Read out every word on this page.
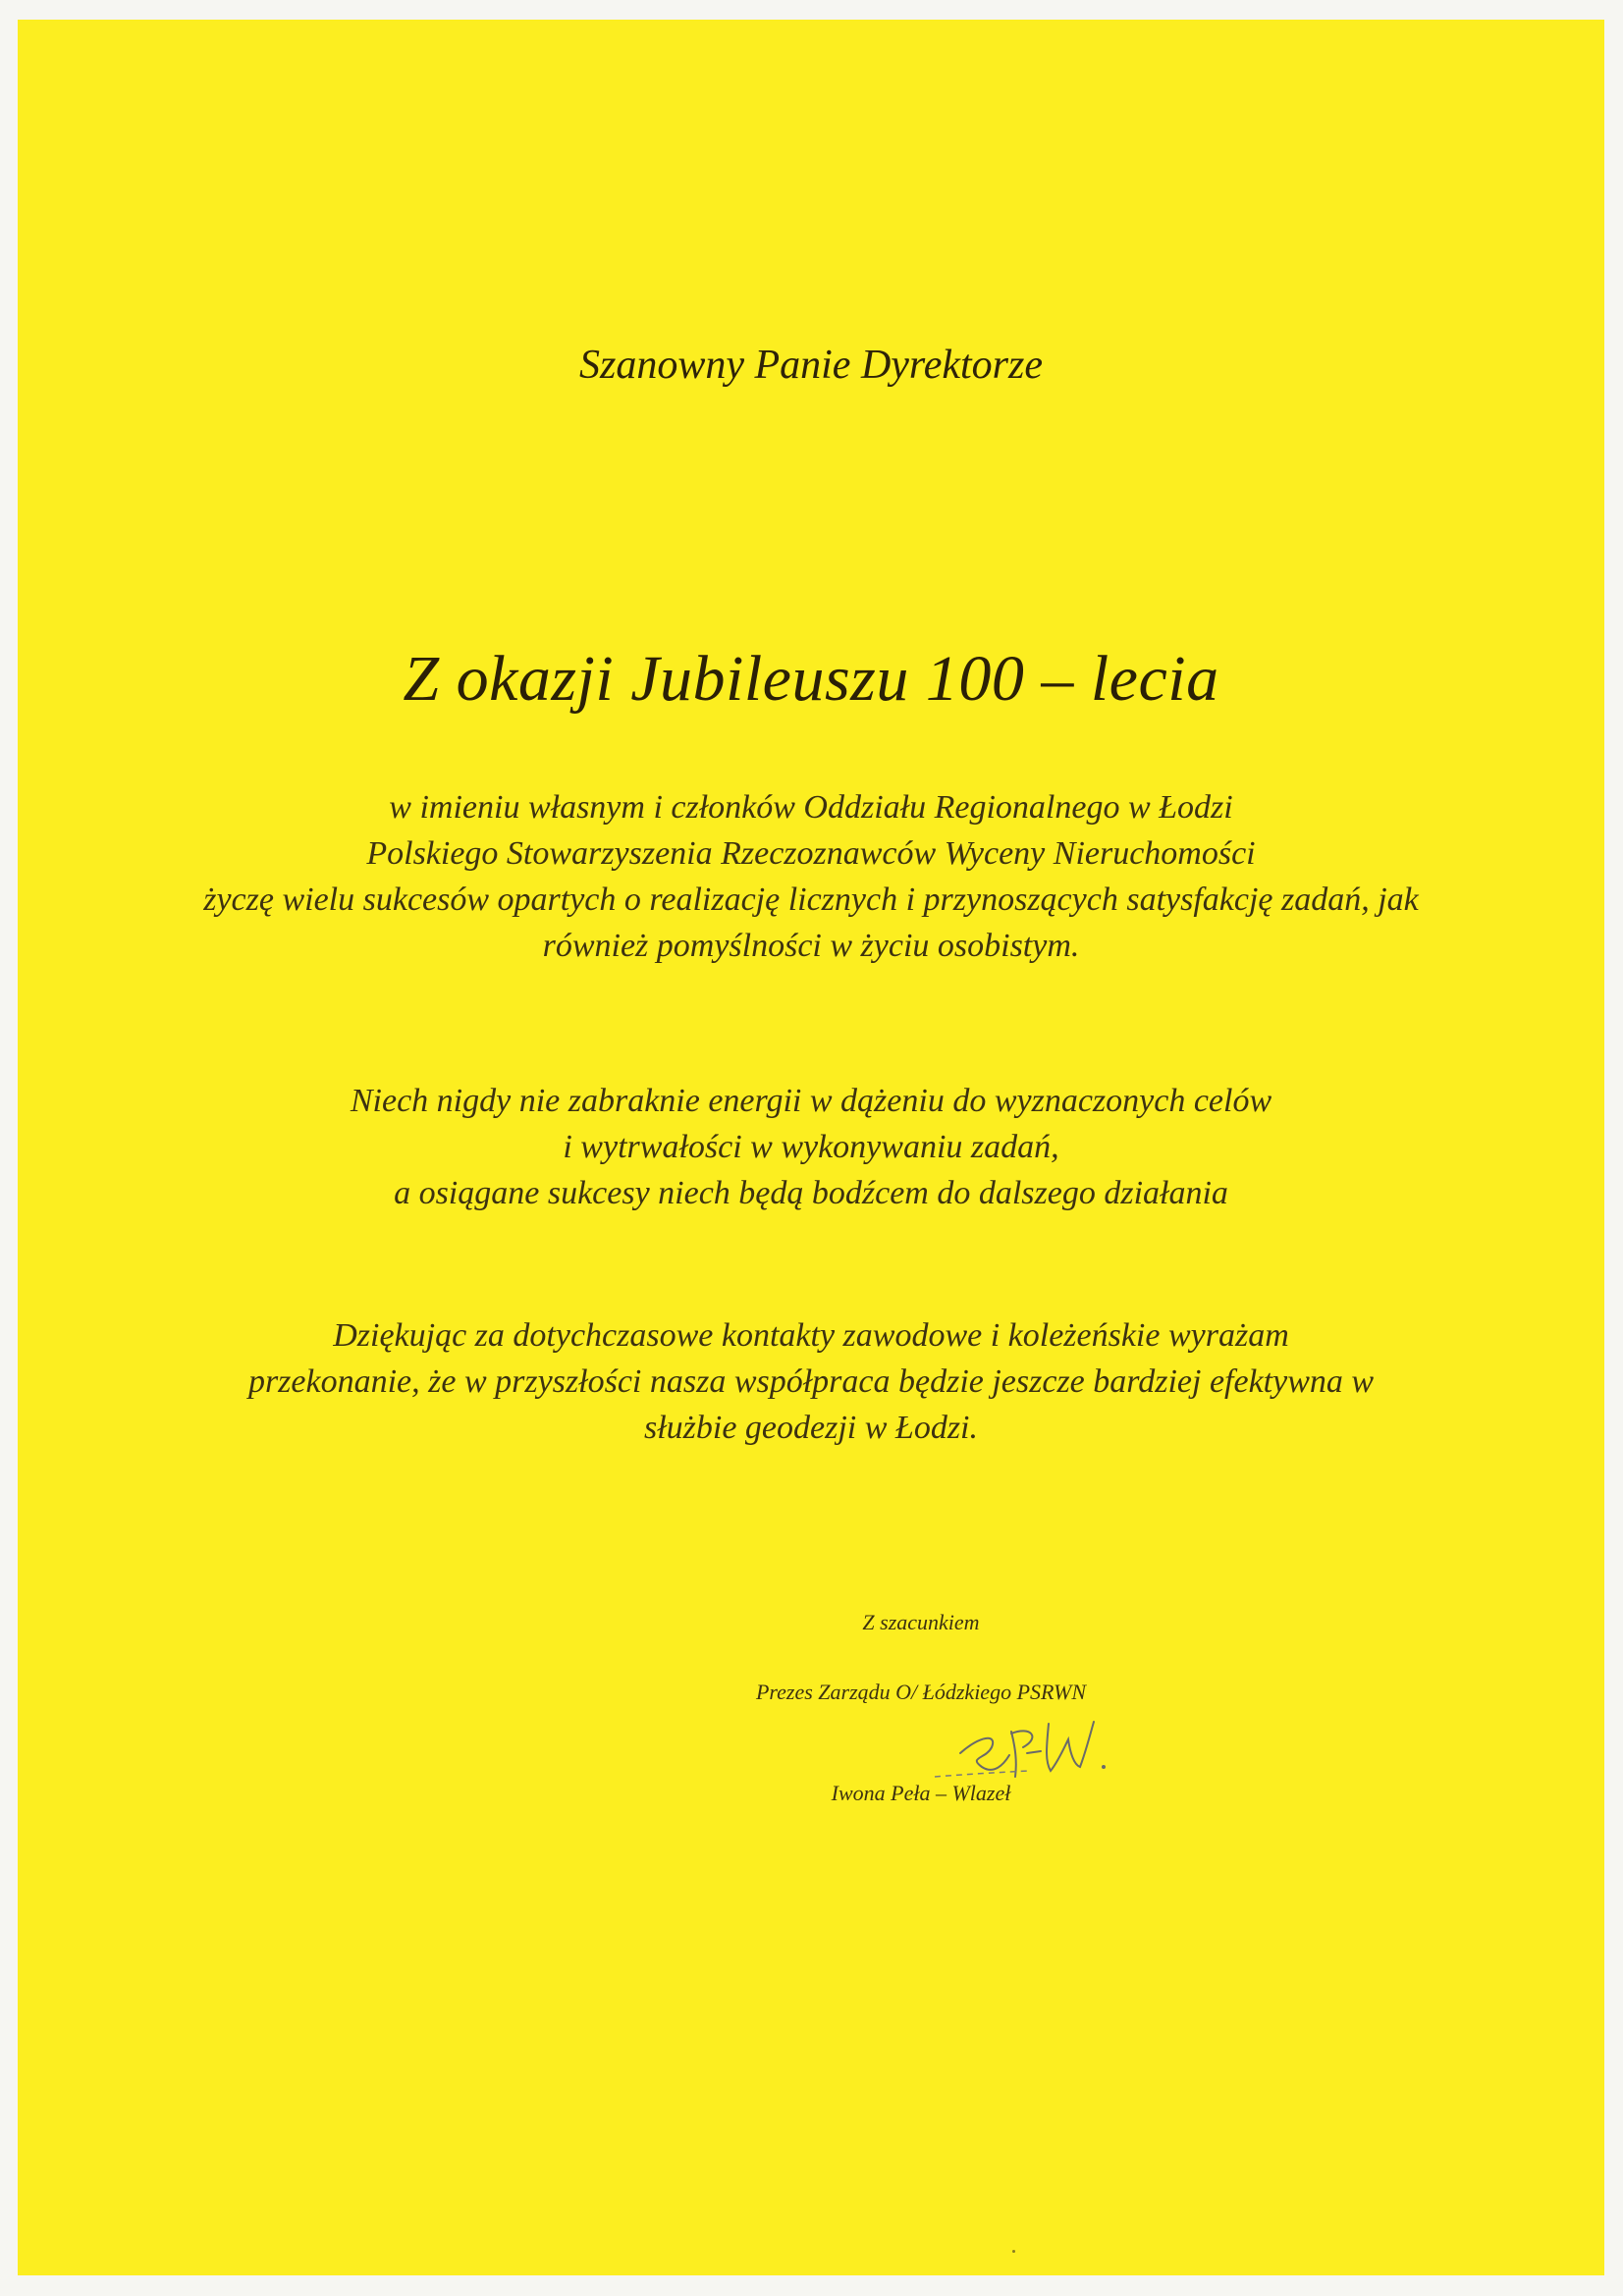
Szanowny Panie Dyrektorze
Z okazji Jubileuszu 100 – lecia
w imieniu własnym i członków Oddziału Regionalnego w Łodzi
Polskiego Stowarzyszenia Rzeczoznawców Wyceny Nieruchomości
życzę wielu sukcesów opartych o realizację licznych i przynoszących satysfakcję zadań, jak
również pomyślności w życiu osobistym.
Niech nigdy nie zabraknie energii w dążeniu do wyznaczonych celów
i wytrwałości w wykonywaniu zadań,
a osiągane sukcesy niech będą bodźcem do dalszego działania
Dziękując za dotychczasowe kontakty zawodowe i koleżeńskie wyrażam
przekonanie, że w przyszłości nasza współpraca będzie jeszcze bardziej efektywna w
służbie geodezji w Łodzi.
Z szacunkiem
Prezes Zarządu O/ Łódzkiego PSRWN
Iwona Peła – Wlazeł
